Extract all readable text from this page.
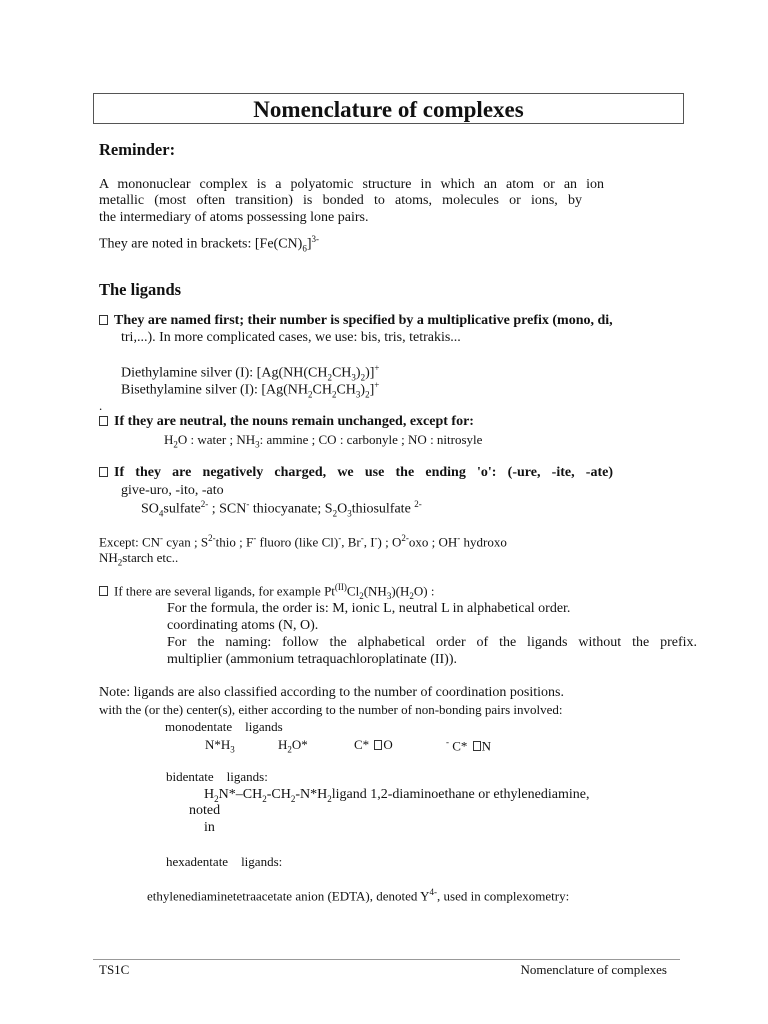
Nomenclature of complexes
Reminder:
A mononuclear complex is a polyatomic structure in which an atom or an ion
metallic (most often transition) is bonded to atoms, molecules or ions, by
the intermediary of atoms possessing lone pairs.
They are noted in brackets: $[Fe(CN)_6]^{3-}$
The ligands
They are named first; their number is specified by a multiplicative prefix (mono, di,
tri,...). In more complicated cases, we use: bis, tris, tetrakis...
Diethylamine silver (I): $[Ag(NH(CH_2CH_3)_2)]^+$
Bisethylamine silver (I): $[Ag(NH_2CH_2CH_3)_2]^+$
.
If they are neutral, the nouns remain unchanged, except for:
$H_2O$ : water ; $NH_3$: ammine ; CO : carbonyle ; NO : nitrosyle
If they are negatively charged, we use the ending 'o': (-ure, -ite, -ate)
give-uro, -ito, -ato
$SO_4sulfate^{2-}$ ; SCN- thiocyanate; $S_2O_3thiosulfate$ $^{2-}$
Except: CN- cyan ; $S^{2-}thio$ ; F- fluoro (like Cl)-, Br-, I-) ; $O^{2-}oxo$ ; OH- hydroxo
$NH_2starch$ etc..
If there are several ligands, for example $Pt^{(II)}Cl_2(NH_3)(H_2O)$ :
For the formula, the order is: M, ionic L, neutral L in alphabetical order.
coordinating atoms (N, O).
For the naming: follow the alphabetical order of the ligands without the prefix.
multiplier (ammonium tetraquachloroplatinate (II)).
Note: ligands are also classified according to the number of coordination positions.
with the (or the) center(s), either according to the number of non-bonding pairs involved:
monodentate    ligands
$N*H_3$	$H_2O*$	C* O	- C* N
bidentate    ligands:
$H_2N*-CH_2-CH_2-N*H_2ligand$ 1,2-diaminoethane or ethylenediamine,
noted
in
hexadentate    ligands:
ethylenediaminetetraacetate anion (EDTA), denoted $Y^{4-}$, used in complexometry:
TS1C	Nomenclature of complexes
